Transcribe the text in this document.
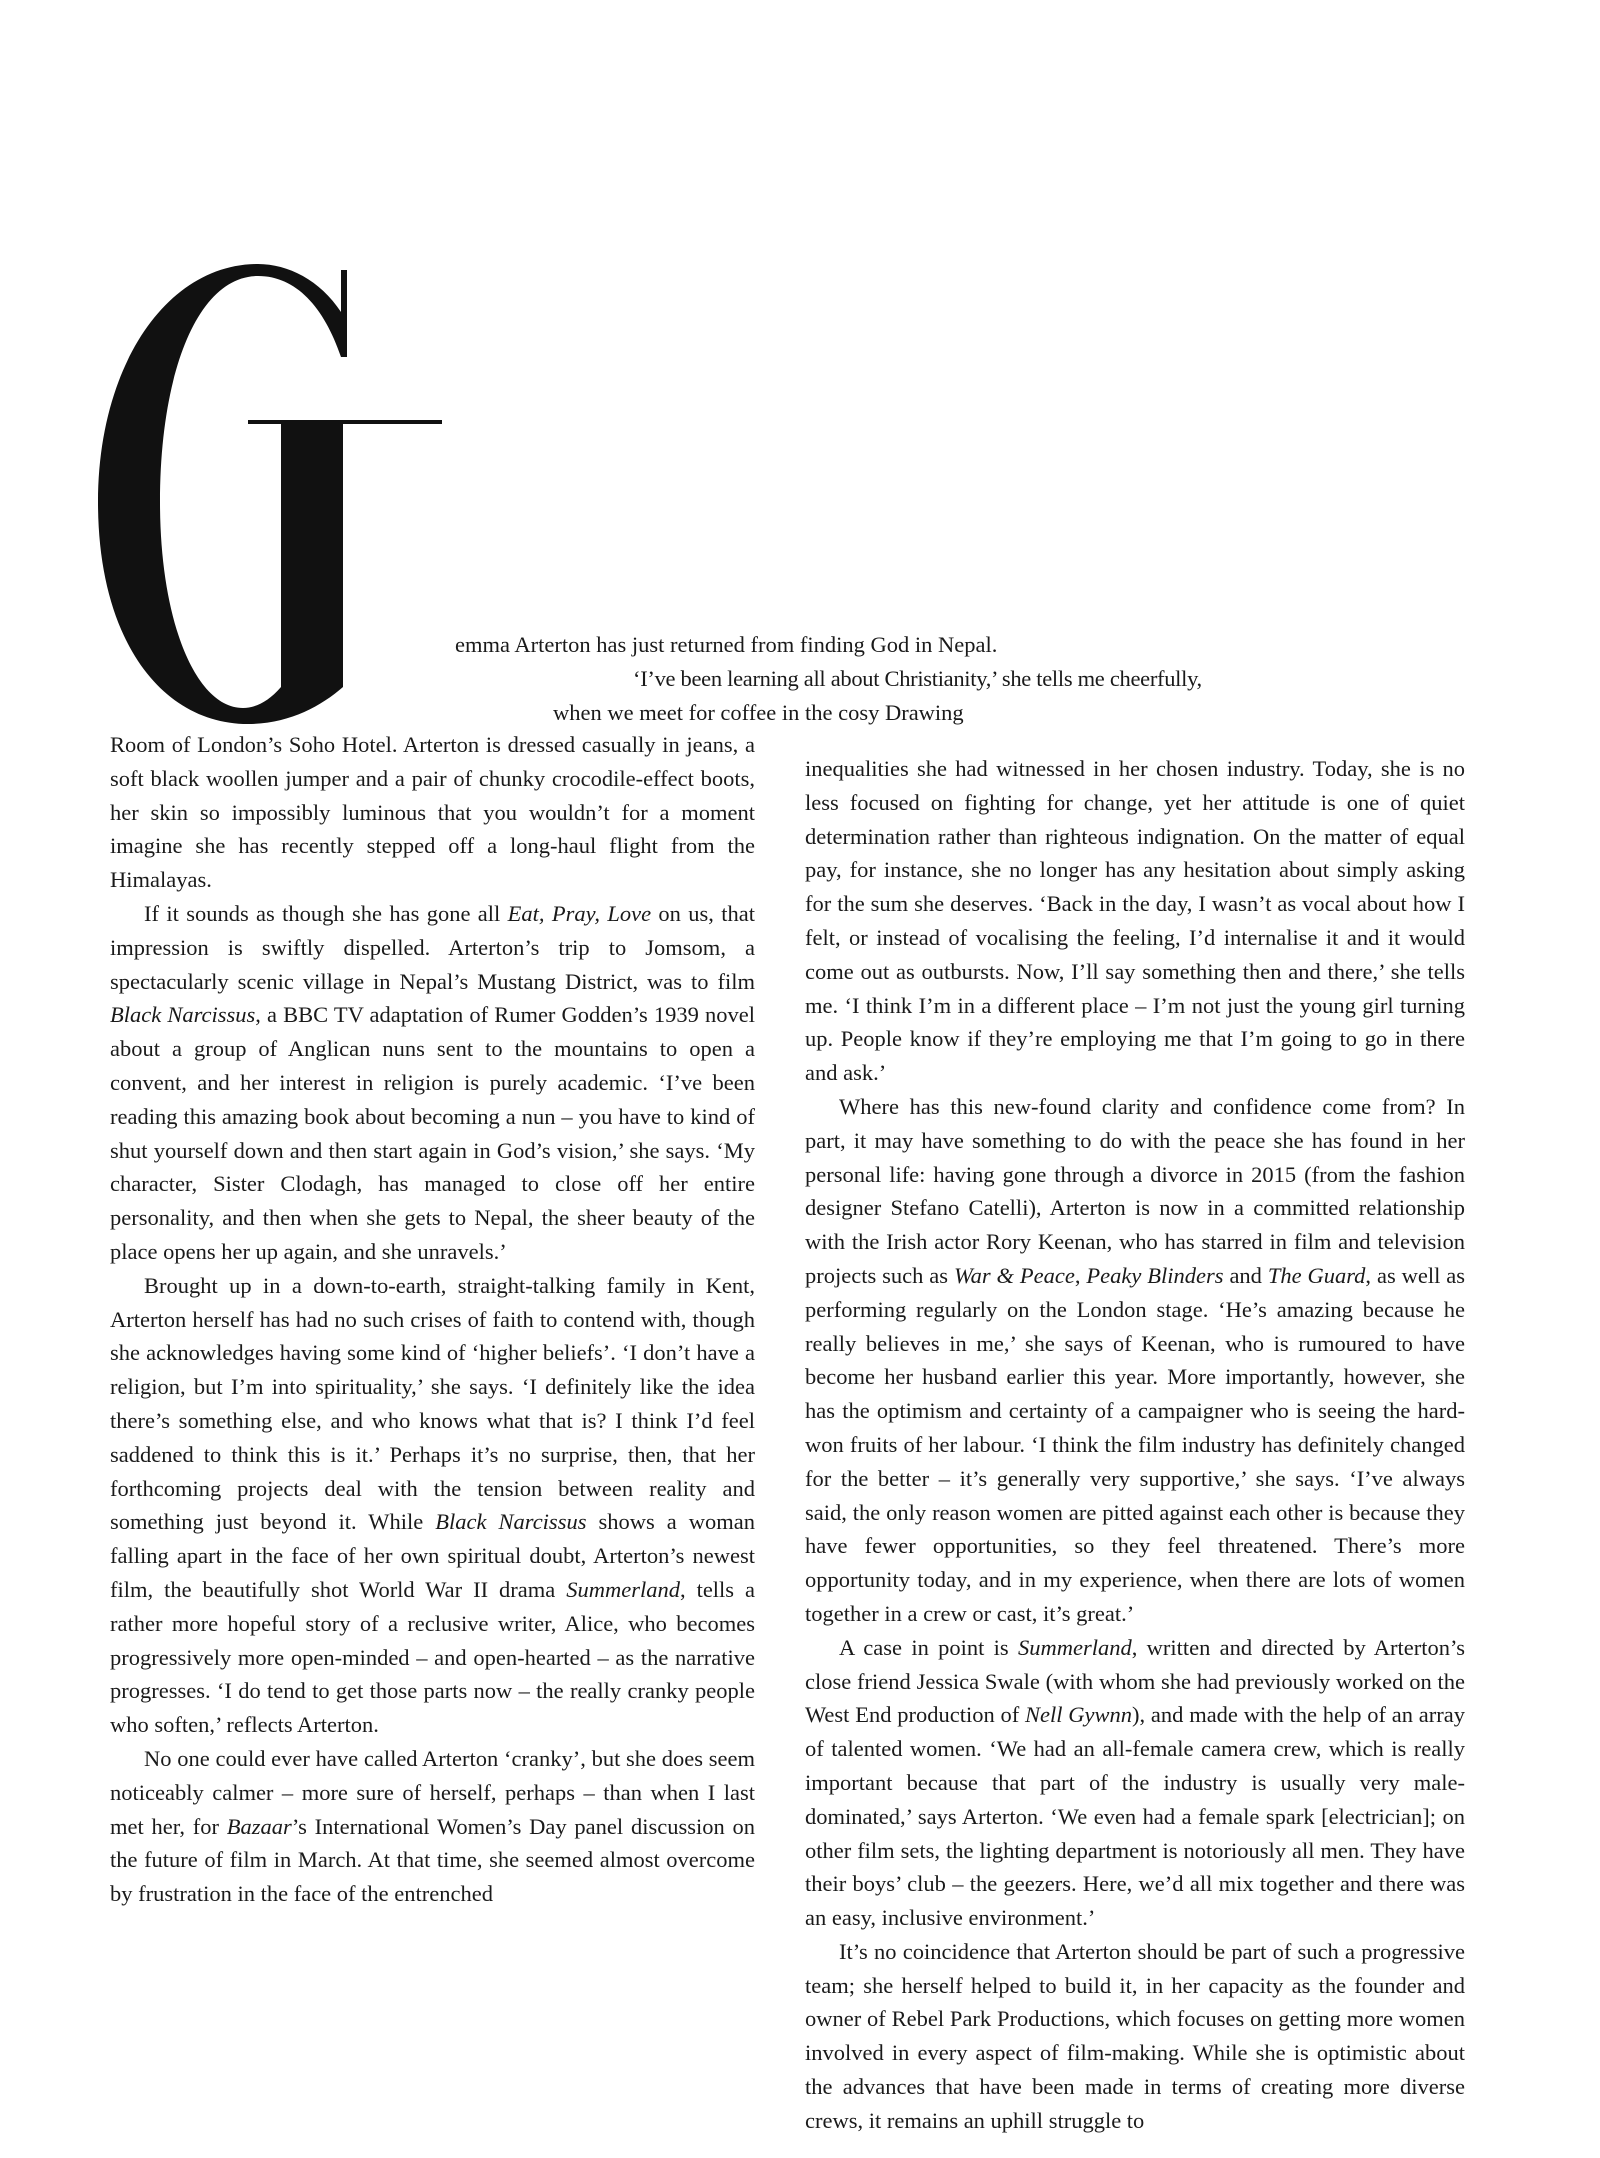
emma Arterton has just returned from finding God in Nepal.
‘I’ve been learning all about Christianity,’ she tells me cheerfully,
when we meet for coffee in the cosy Drawing

Room of London’s Soho Hotel. Arterton is dressed casually in jeans, a soft black woollen jumper and a pair of chunky crocodile-effect boots, her skin so impossibly luminous that you wouldn’t for a moment imagine she has recently stepped off a long-haul flight from the Himalayas.

If it sounds as though she has gone all Eat, Pray, Love on us, that impression is swiftly dispelled. Arterton’s trip to Jomsom, a spectacularly scenic village in Nepal’s Mustang District, was to film Black Narcissus, a BBC TV adaptation of Rumer Godden’s 1939 novel about a group of Anglican nuns sent to the mountains to open a convent, and her interest in religion is purely academic. ‘I’ve been reading this amazing book about becoming a nun – you have to kind of shut yourself down and then start again in God’s vision,’ she says. ‘My character, Sister Clodagh, has managed to close off her entire personality, and then when she gets to Nepal, the sheer beauty of the place opens her up again, and she unravels.’

Brought up in a down-to-earth, straight-talking family in Kent, Arterton herself has had no such crises of faith to contend with, though she acknowledges having some kind of ‘higher beliefs’. ‘I don’t have a religion, but I’m into spirituality,’ she says. ‘I definitely like the idea there’s something else, and who knows what that is? I think I’d feel saddened to think this is it.’ Perhaps it’s no surprise, then, that her forthcoming projects deal with the tension between reality and something just beyond it. While Black Narcissus shows a woman falling apart in the face of her own spiritual doubt, Arterton’s newest film, the beautifully shot World War II drama Summerland, tells a rather more hopeful story of a reclusive writer, Alice, who becomes progressively more open-minded – and open-hearted – as the narrative progresses. ‘I do tend to get those parts now – the really cranky people who soften,’ reflects Arterton.

No one could ever have called Arterton ‘cranky’, but she does seem noticeably calmer – more sure of herself, perhaps – than when I last met her, for Bazaar’s International Women’s Day panel discussion on the future of film in March. At that time, she seemed almost overcome by frustration in the face of the entrenched

inequalities she had witnessed in her chosen industry. Today, she is no less focused on fighting for change, yet her attitude is one of quiet determination rather than righteous indignation. On the matter of equal pay, for instance, she no longer has any hesitation about simply asking for the sum she deserves. ‘Back in the day, I wasn’t as vocal about how I felt, or instead of vocalising the feeling, I’d internalise it and it would come out as outbursts. Now, I’ll say something then and there,’ she tells me. ‘I think I’m in a different place – I’m not just the young girl turning up. People know if they’re employing me that I’m going to go in there and ask.’

Where has this new-found clarity and confidence come from? In part, it may have something to do with the peace she has found in her personal life: having gone through a divorce in 2015 (from the fashion designer Stefano Catelli), Arterton is now in a committed relationship with the Irish actor Rory Keenan, who has starred in film and television projects such as War & Peace, Peaky Blinders and The Guard, as well as performing regularly on the London stage. ‘He’s amazing because he really believes in me,’ she says of Keenan, who is rumoured to have become her husband earlier this year. More importantly, however, she has the optimism and certainty of a campaigner who is seeing the hard-won fruits of her labour. ‘I think the film industry has definitely changed for the better – it’s generally very supportive,’ she says. ‘I’ve always said, the only reason women are pitted against each other is because they have fewer opportunities, so they feel threatened. There’s more opportunity today, and in my experience, when there are lots of women together in a crew or cast, it’s great.’

A case in point is Summerland, written and directed by Arterton’s close friend Jessica Swale (with whom she had previously worked on the West End production of Nell Gywnn), and made with the help of an array of talented women. ‘We had an all-female camera crew, which is really important because that part of the industry is usually very male-dominated,’ says Arterton. ‘We even had a female spark [electrician]; on other film sets, the lighting department is notoriously all men. They have their boys’ club – the geezers. Here, we’d all mix together and there was an easy, inclusive environment.’

It’s no coincidence that Arterton should be part of such a progressive team; she herself helped to build it, in her capacity as the founder and owner of Rebel Park Productions, which focuses on getting more women involved in every aspect of film-making. While she is optimistic about the advances that have been made in terms of creating more diverse crews, it remains an uphill struggle to
